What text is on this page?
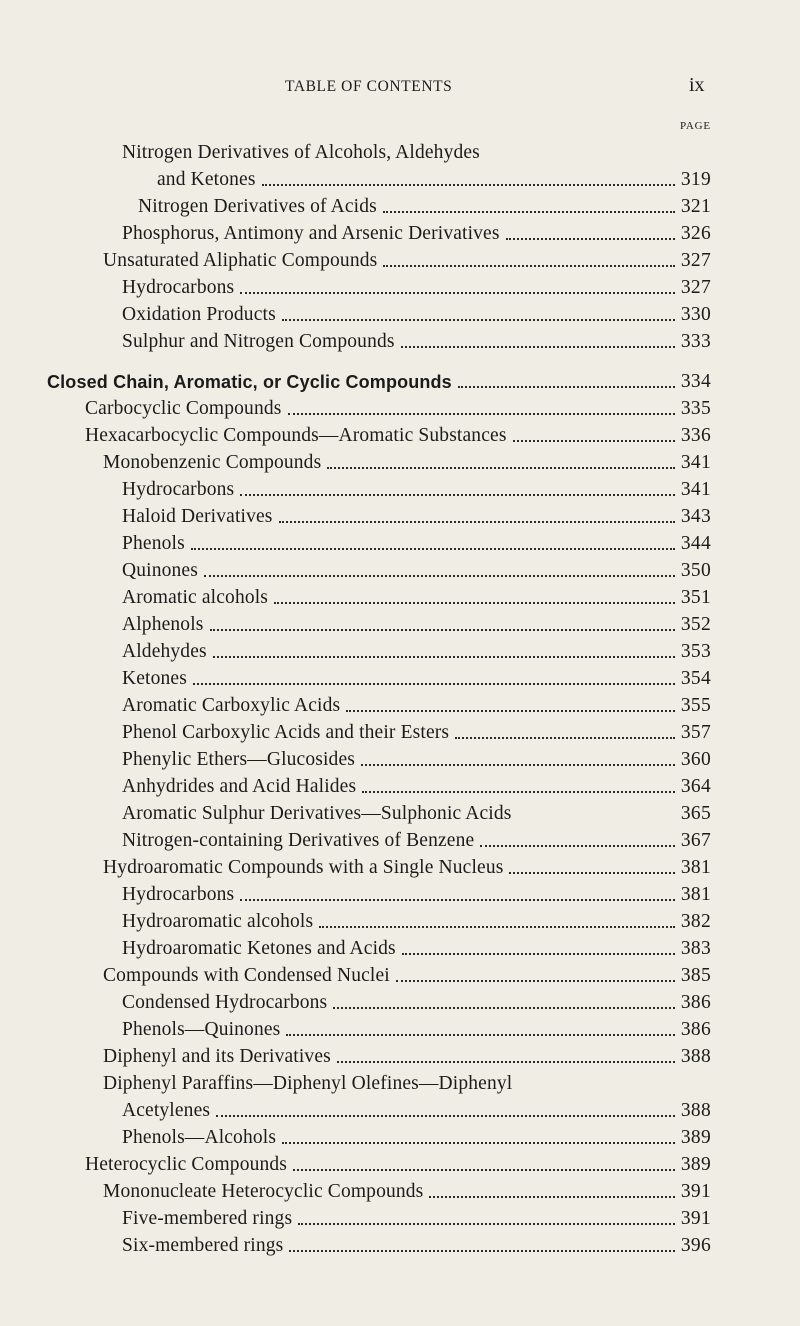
TABLE OF CONTENTS	ix
PAGE
Nitrogen Derivatives of Alcohols, Aldehydes
and Ketones	319
Nitrogen Derivatives of Acids	321
Phosphorus, Antimony and Arsenic Derivatives	326
Unsaturated Aliphatic Compounds	327
Hydrocarbons	327
Oxidation Products	330
Sulphur and Nitrogen Compounds	333
Closed Chain, Aromatic, or Cyclic Compounds	334
Carbocyclic Compounds	335
Hexacarbocyclic Compounds—Aromatic Substances	336
Monobenzenic Compounds	341
Hydrocarbons	341
Haloid Derivatives	343
Phenols	344
Quinones	350
Aromatic alcohols	351
Alphenols	352
Aldehydes	353
Ketones	354
Aromatic Carboxylic Acids	355
Phenol Carboxylic Acids and their Esters	357
Phenylic Ethers—Glucosides	360
Anhydrides and Acid Halides	364
Aromatic Sulphur Derivatives—Sulphonic Acids	365
Nitrogen-containing Derivatives of Benzene	367
Hydroaromatic Compounds with a Single Nucleus	381
Hydrocarbons	381
Hydroaromatic alcohols	382
Hydroaromatic Ketones and Acids	383
Compounds with Condensed Nuclei	385
Condensed Hydrocarbons	386
Phenols—Quinones	386
Diphenyl and its Derivatives	388
Diphenyl Paraffins—Diphenyl Olefines—Diphenyl
Acetylenes	388
Phenols—Alcohols	389
Heterocyclic Compounds	389
Mononucleate Heterocyclic Compounds	391
Five-membered rings	391
Six-membered rings	396
